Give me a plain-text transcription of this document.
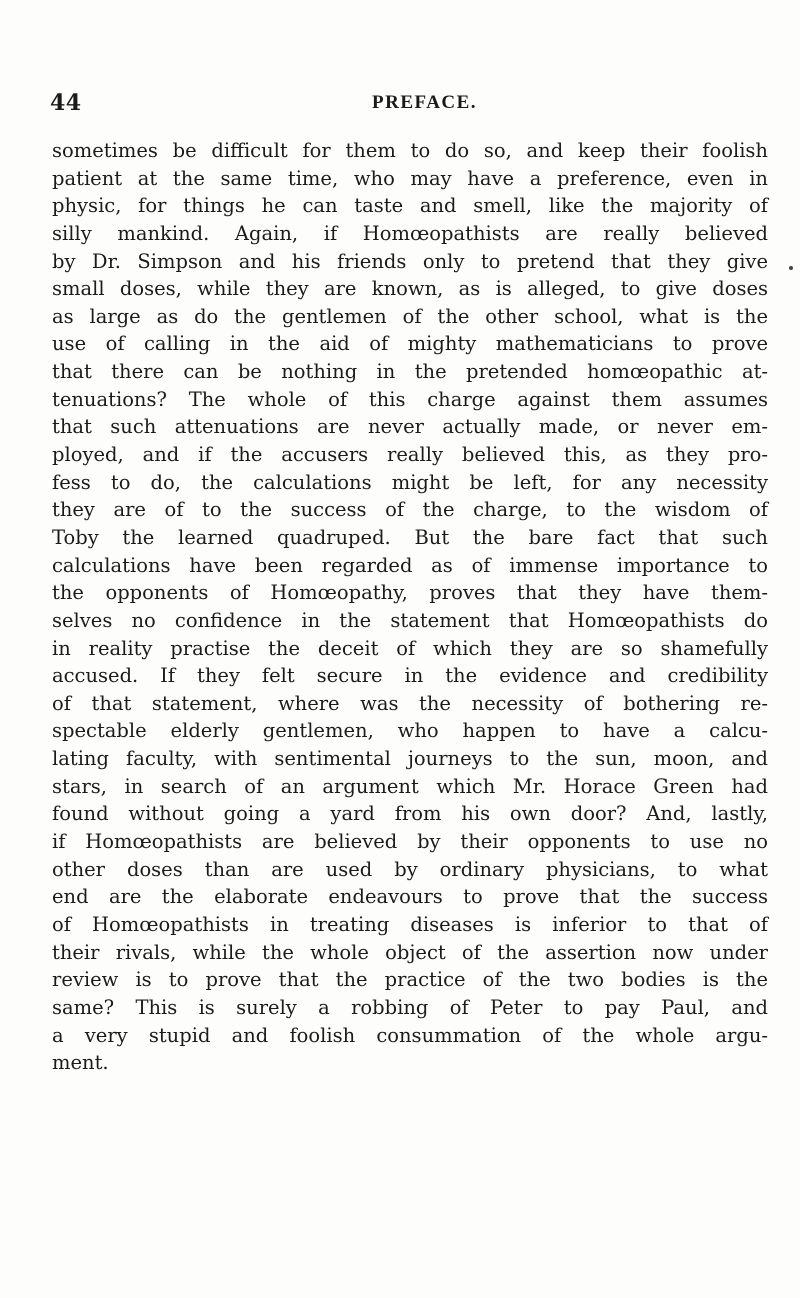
44	PREFACE.
sometimes be difficult for them to do so, and keep their foolish
patient at the same time, who may have a preference, even in
physic, for things he can taste and smell, like the majority of
silly mankind. Again, if Homœopathists are really believed
by Dr. Simpson and his friends only to pretend that they give
small doses, while they are known, as is alleged, to give doses
as large as do the gentlemen of the other school, what is the
use of calling in the aid of mighty mathematicians to prove
that there can be nothing in the pretended homœopathic at-
tenuations? The whole of this charge against them assumes
that such attenuations are never actually made, or never em-
ployed, and if the accusers really believed this, as they pro-
fess to do, the calculations might be left, for any necessity
they are of to the success of the charge, to the wisdom of
Toby the learned quadruped. But the bare fact that such
calculations have been regarded as of immense importance to
the opponents of Homœopathy, proves that they have them-
selves no confidence in the statement that Homœopathists do
in reality practise the deceit of which they are so shamefully
accused. If they felt secure in the evidence and credibility
of that statement, where was the necessity of bothering re-
spectable elderly gentlemen, who happen to have a calcu-
lating faculty, with sentimental journeys to the sun, moon, and
stars, in search of an argument which Mr. Horace Green had
found without going a yard from his own door? And, lastly,
if Homœopathists are believed by their opponents to use no
other doses than are used by ordinary physicians, to what
end are the elaborate endeavours to prove that the success
of Homœopathists in treating diseases is inferior to that of
their rivals, while the whole object of the assertion now under
review is to prove that the practice of the two bodies is the
same? This is surely a robbing of Peter to pay Paul, and
a very stupid and foolish consummation of the whole argu-
ment.
